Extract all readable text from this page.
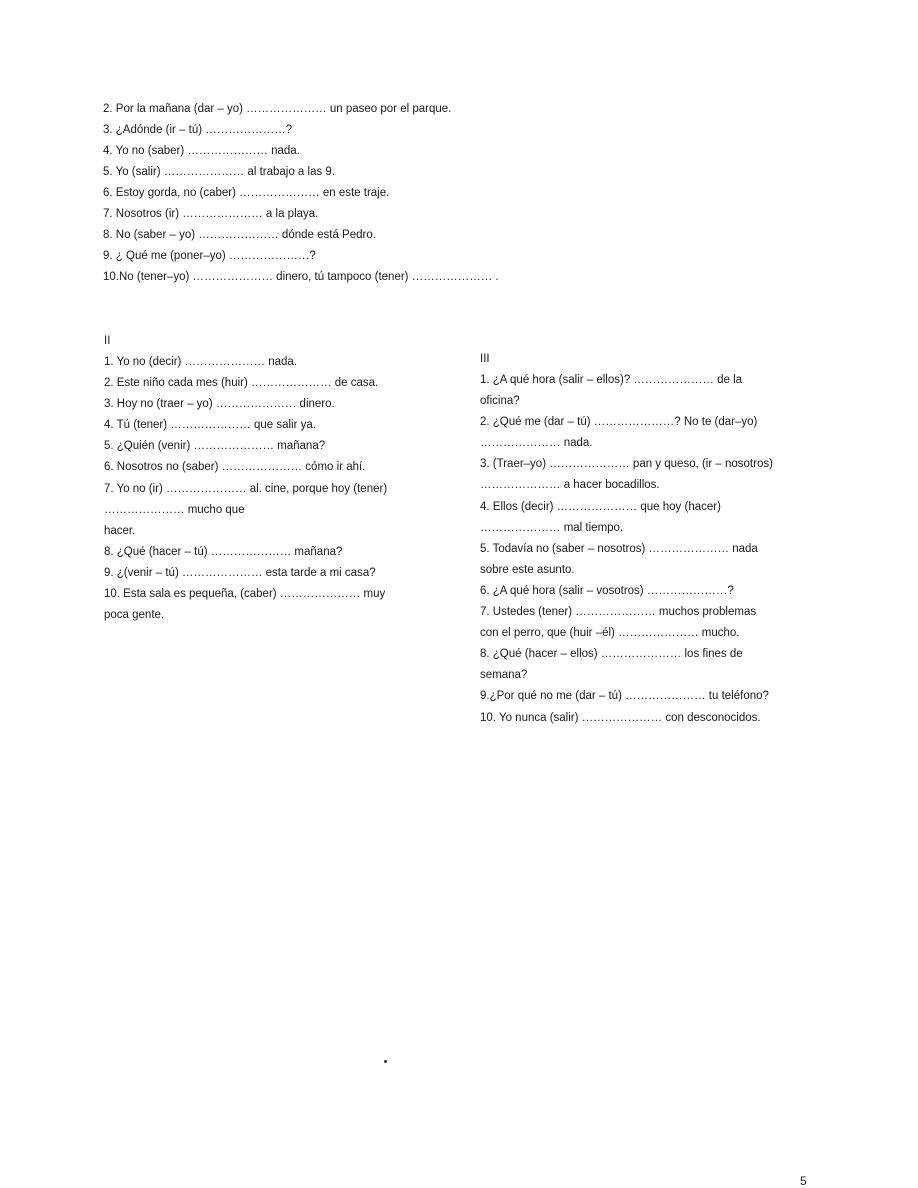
2. Por la mañana (dar – yo) ………………… un paseo por el parque.
3. ¿Adónde (ir – tú) …………………?
4. Yo no (saber) ………………… nada.
5. Yo (salir) ………………… al trabajo a las 9.
6. Estoy gorda, no (caber) ………………… en este traje.
7. Nosotros (ir) ………………… a la playa.
8. No (saber – yo) ………………… dónde está Pedro.
9. ¿ Qué me (poner–yo) …………………?
10.No (tener–yo) ………………… dinero, tú tampoco (tener) ………………… .
II
1. Yo no (decir) ………………… nada.
2. Este niño cada mes (huir) ………………… de casa.
3. Hoy no (traer – yo) ………………… dinero.
4. Tú (tener) ………………… que salir ya.
5. ¿Quién (venir) ………………… mañana?
6. Nosotros no (saber) ………………… cómo ir ahí.
7. Yo no (ir) ………………… al. cine, porque hoy (tener)
………………… mucho que
hacer.
8. ¿Qué (hacer – tú) ………………… mañana?
9. ¿(venir – tú) ………………… esta tarde a mi casa?
10. Esta sala es pequeña, (caber) ………………… muy
poca gente.
III
1. ¿A qué hora (salir – ellos)? ………………… de la
oficina?
2. ¿Qué me (dar – tú) …………………? No te (dar–yo)
………………… nada.
3. (Traer–yo) ………………… pan y queso, (ir – nosotros)
………………… a hacer bocadillos.
4. Ellos (decir) ………………… que hoy (hacer)
………………… mal tiempo.
5. Todavía no (saber – nosotros) ………………… nada
sobre este asunto.
6. ¿A qué hora (salir – vosotros) …………………?
7. Ustedes (tener) ………………… muchos problemas
con el perro, que (huir –él) ………………… mucho.
8. ¿Qué (hacer – ellos) ………………… los fines de
semana?
9.¿Por qué no me (dar – tú) ………………… tu teléfono?
10. Yo nunca (salir) ………………… con desconocidos.
5
